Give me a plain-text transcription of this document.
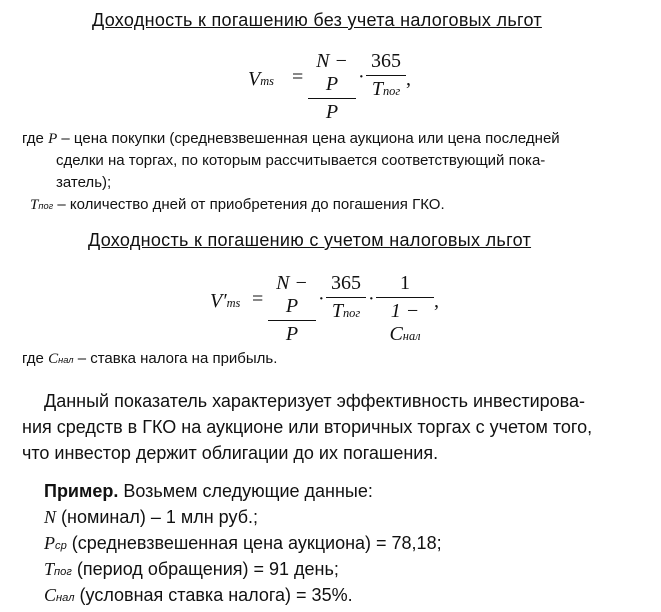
Доходность к погашению без учета налоговых льгот
Vms =
N − P
P
·
365
Tпог
,
где P – цена покупки (средневзвешенная цена аукциона или цена последней
сделки на торгах, по которым рассчитывается соответствующий пока-
затель);
Tпог – количество дней от приобретения до погашения ГКО.
Доходность к погашению с учетом налоговых льгот
V′ms =
N − P
P
·
365
Tпог
·
1
1 − Cнал
,
где Cнал – ставка налога на прибыль.
Данный показатель характеризует эффективность инвестирова-
ния средств в ГКО на аукционе или вторичных торгах с учетом того,
что инвестор держит облигации до их погашения.
Пример. Возьмем следующие данные:
N (номинал) – 1 млн руб.;
Pср (средневзвешенная цена аукциона) = 78,18;
Tпог (период обращения) = 91 день;
Cнал (условная ставка налога) = 35%.
